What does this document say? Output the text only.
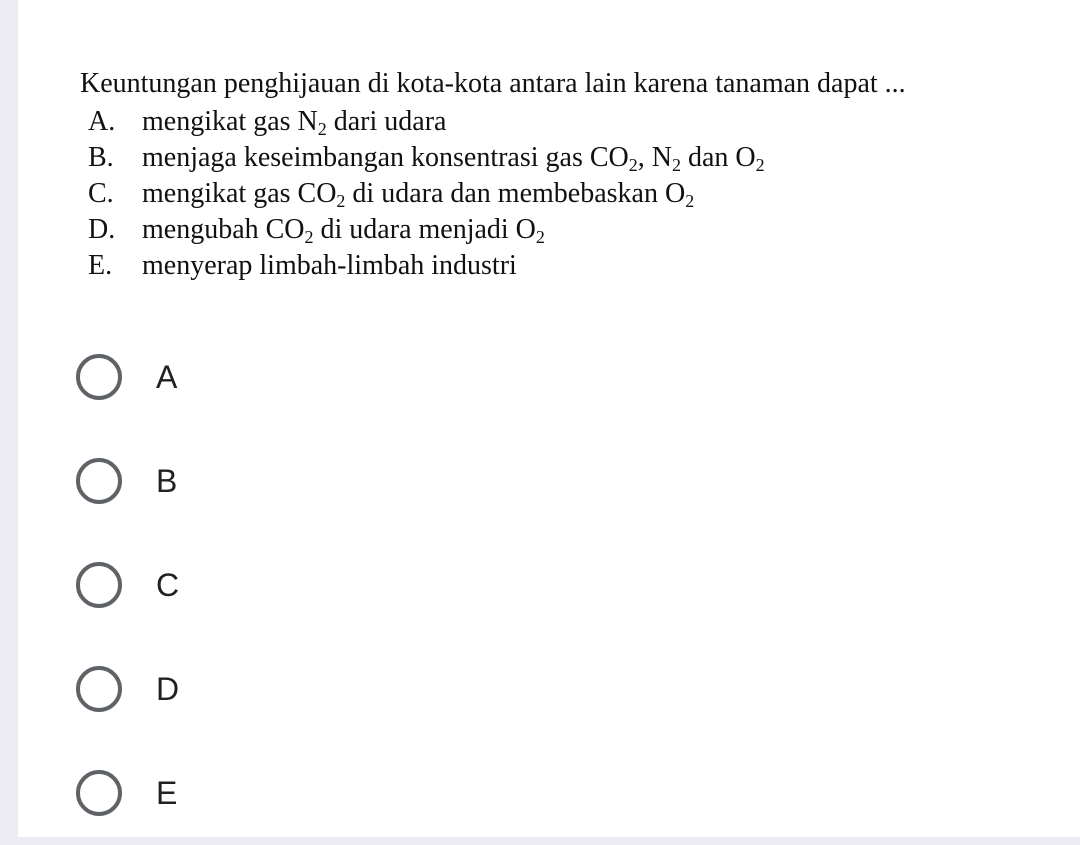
Keuntungan penghijauan di kota-kota antara lain karena tanaman dapat ...
A. mengikat gas $N_2$ dari udara
B.	menjaga keseimbangan konsentrasi gas $CO_2$, $N_2$ dan $O_2$
C.	mengikat gas $CO_2$ di udara dan membebaskan $O_2$
D. mengubah $CO_2$ di udara menjadi $O_2$
E.	menyerap limbah-limbah industri
A
B
C
D
E
